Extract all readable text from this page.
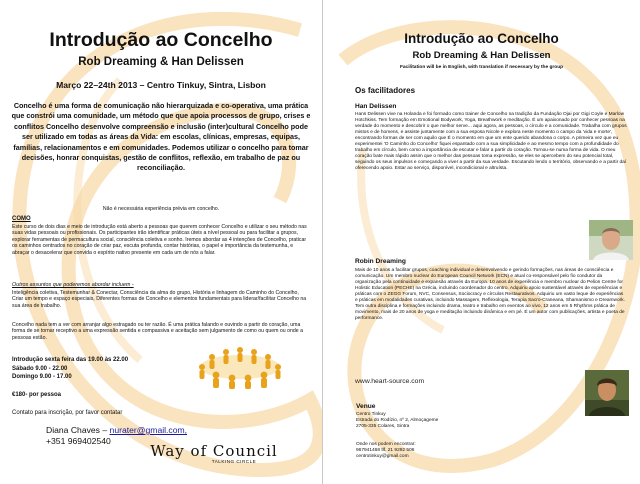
Introdução ao Concelho
Rob Dreaming & Han Delissen
Março 22–24th 2013 – Centro Tinkuy, Sintra, Lisbon
Concelho é uma forma de comunicação não hierarquizada e co-operativa, uma prática que constrói uma comunidade, um método que que apoia processos de grupo, crises e conflitos Concelho desenvolve compreensão e inclusão (inter)cultural Concelho pode ser utilizado em todas as áreas da Vida: em escolas, clínicas, empresas, equipas, famílias, relacionamentos e em comunidades. Podemos utilizar o concelho para tomar decisões, honrar conquistas, gestão de conflitos, reflexão, em trabalho de paz ou reconciliação.
Não é necessária experiência prévia em concelho.
COMO
Este curso de dois dias e meio de introdução está aberto a pessoas que querem conhecer Concelho e utilizar o seu método nas suas vidas pessoais ou profissionais. Os participantes irão identificar práticas úteis a nível pessoal ou para facilitar a grupos, explorar ferramentas de permacultura social, consciência coletiva e sonho. Iremos abordar as 4 intenções de Concelho, praticar os caminhos centrados no coração de criar paz, escuta profunda, contar histórias, o papel e importância da testemunha, e abraçar o desacelerar que convida o espírito nativo presente em cada um de nós a falar.
Outros assuntos que poderemos abordar incluem -
Inteligência coletiva, Testemunhar & Conectar, Consciência da alma do grupo, História e linhagem do Caminho do Concelho, Criar um tempo e espaço especiais, Diferentes formas de Concelho e elementos fundamentais para liderar/facilitar Concelho na sua área de trabalho.
Concelho nada tem a ver com arranjar algo estragado ou ter razão. É uma prática falando e ouvindo a partir do coração, uma forma de se tornar receptivo a uma expressão sentida e compassiva e aceitação sem julgamento de como ou quem ou onde a pessoas estão.
Introdução sexta feira das 19.00 às 22.00
Sábado 9.00 - 22.00
Domingo 9.00 - 17.00
€180- por pessoa
Contato para inscrição, por favor contatar
Diana Chaves – nurater@gmail.com,
+351 969402540
Way of Council
TALKING CIRCLE
Introdução ao Concelho
Rob Dreaming & Han Delissen
Facilitation will be in English, with translation if necessary by the group
Os facilitadores
Han Delissen
Hans Delissen vive na Holanda e foi formado como trainer de Concelho na tradição da Fundação Ojai por Gigi Coyle e Marlow Hotchkiss. Tem formação em Emotional Bodywork, Yoga, Breathwork e meditação. É um apaixonado por conhecer pessoas na verdade do momento e descobrir o que melhor serve... aqui agora, as pessoas, o círculo e a comunidade. Trabalha com grupos mistos e de homens, e assiste juntamente com a sua esposa Nicole e explora neste momento o campo da 'vida e morte', encontrando formas de ser com aquilo que É o momento em que um ente querido abandona o corpo. A primeira vez que eu experimentei 'O Caminho do Concelho' fiquei espantado com a sua simplicidade e ao mesmo tempo com a profundidade do trabalho em círculo, bem como a importância de escutar e falar a partir do coração. Tornou-se numa forma de vida. O meu coração bate mais rápido assim que o melhor das pessoas toma expressão, se eles se apercebem do seu potencial total, seguindo os seus impulsos e começando a viver a partir da sua verdade. Escutando lendo o território, observando e a partir daí oferecendo apoio. Estar ao serviço, disponível, incondicional e altruísta.
Robin Dreaming
Mais de 10 anos a facilitar grupos, coaching individual e desenvolvendo e gerindo formações, nas áreas de consciência e comunicação. Um membro nuclear do European Council Network (ECN) e atual co-responsável pelo fio condutor da organização pela continuidade e expansão através da Europa. 10 anos de experiência e membro nuclear do Pelion Centre for Holistic Education (PECHE) na Grécia, incluindo coordenador do centro. Adquiriu apoio sustentável através de experiências e práticas com o ZEGG Forum, NVC, Consensus, Sociocracy e círculos Restaurativos. Adquiriu um vasto leque de experiências e práticas em modalidades curativas, incluindo Massagem, Reflexologia, Terapia Sacro-Craneana, Shamanismo e Dreamwork. Tem outra disciplina e formações incluindo drama, teatro e trabalho em eventos ao vivo, 12 anos em 5 Rhythms prática de movimento, mais de 20 anos de yoga e meditação incluindo dinâmica e em pé. É um autor com publicações, artista e poeta de performance.
www.heart-source.com
Venue
Centro Tinkuy
Estrada do Rodízio, nº 2, Almoçageme
2705-335 Colares, Sintra
Onde nos podem encontrar:
967941468 tlf. 21 9292 506
centrotinkuy@gmail.com
